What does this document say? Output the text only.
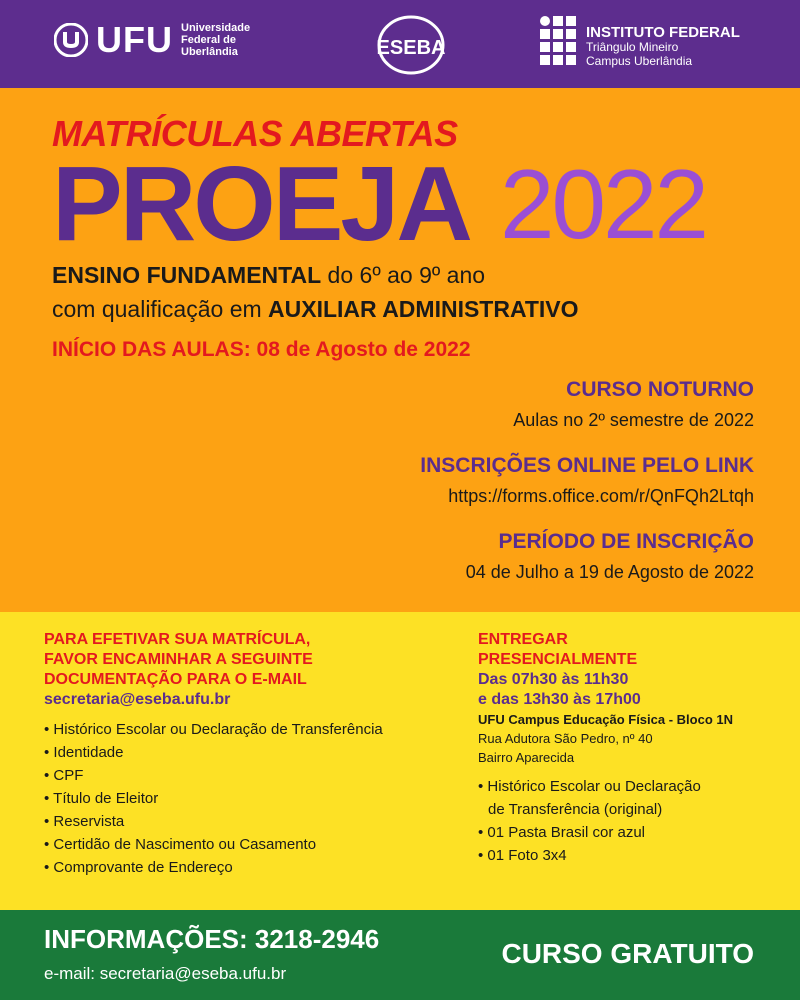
UFU Universidade
Federal de
Uberlândia	ESEBA
INSTITUTO FEDERAL
Triângulo Mineiro
Campus Uberlândia
MATRÍCULAS ABERTAS
PROEJA 2022
ENSINO FUNDAMENTAL do 6º ao 9º ano
com qualificação em AUXILIAR ADMINISTRATIVO
INÍCIO DAS AULAS: 08 de Agosto de 2022
CURSO NOTURNO
Aulas no 2º semestre de 2022
INSCRIÇÕES ONLINE PELO LINK
https://forms.office.com/r/QnFQh2Ltqh
PERÍODO DE INSCRIÇÃO
04 de Julho a 19 de Agosto de 2022
PARA EFETIVAR SUA MATRÍCULA,
FAVOR ENCAMINHAR A SEGUINTE
DOCUMENTAÇÃO PARA O E-MAIL
secretaria@eseba.ufu.br
• Histórico Escolar ou Declaração de Transferência
• Identidade
• CPF
• Título de Eleitor
• Reservista
• Certidão de Nascimento ou Casamento
• Comprovante de Endereço
ENTREGAR
PRESENCIALMENTE
Das 07h30 às 11h30
e das 13h30 às 17h00
UFU Campus Educação Física - Bloco 1N
Rua Adutora São Pedro, nº 40
Bairro Aparecida
• Histórico Escolar ou Declaração
de Transferência (original)
• 01 Pasta Brasil cor azul
• 01 Foto 3x4
INFORMAÇÕES: 3218-2946
e-mail: secretaria@eseba.ufu.br
CURSO GRATUITO
